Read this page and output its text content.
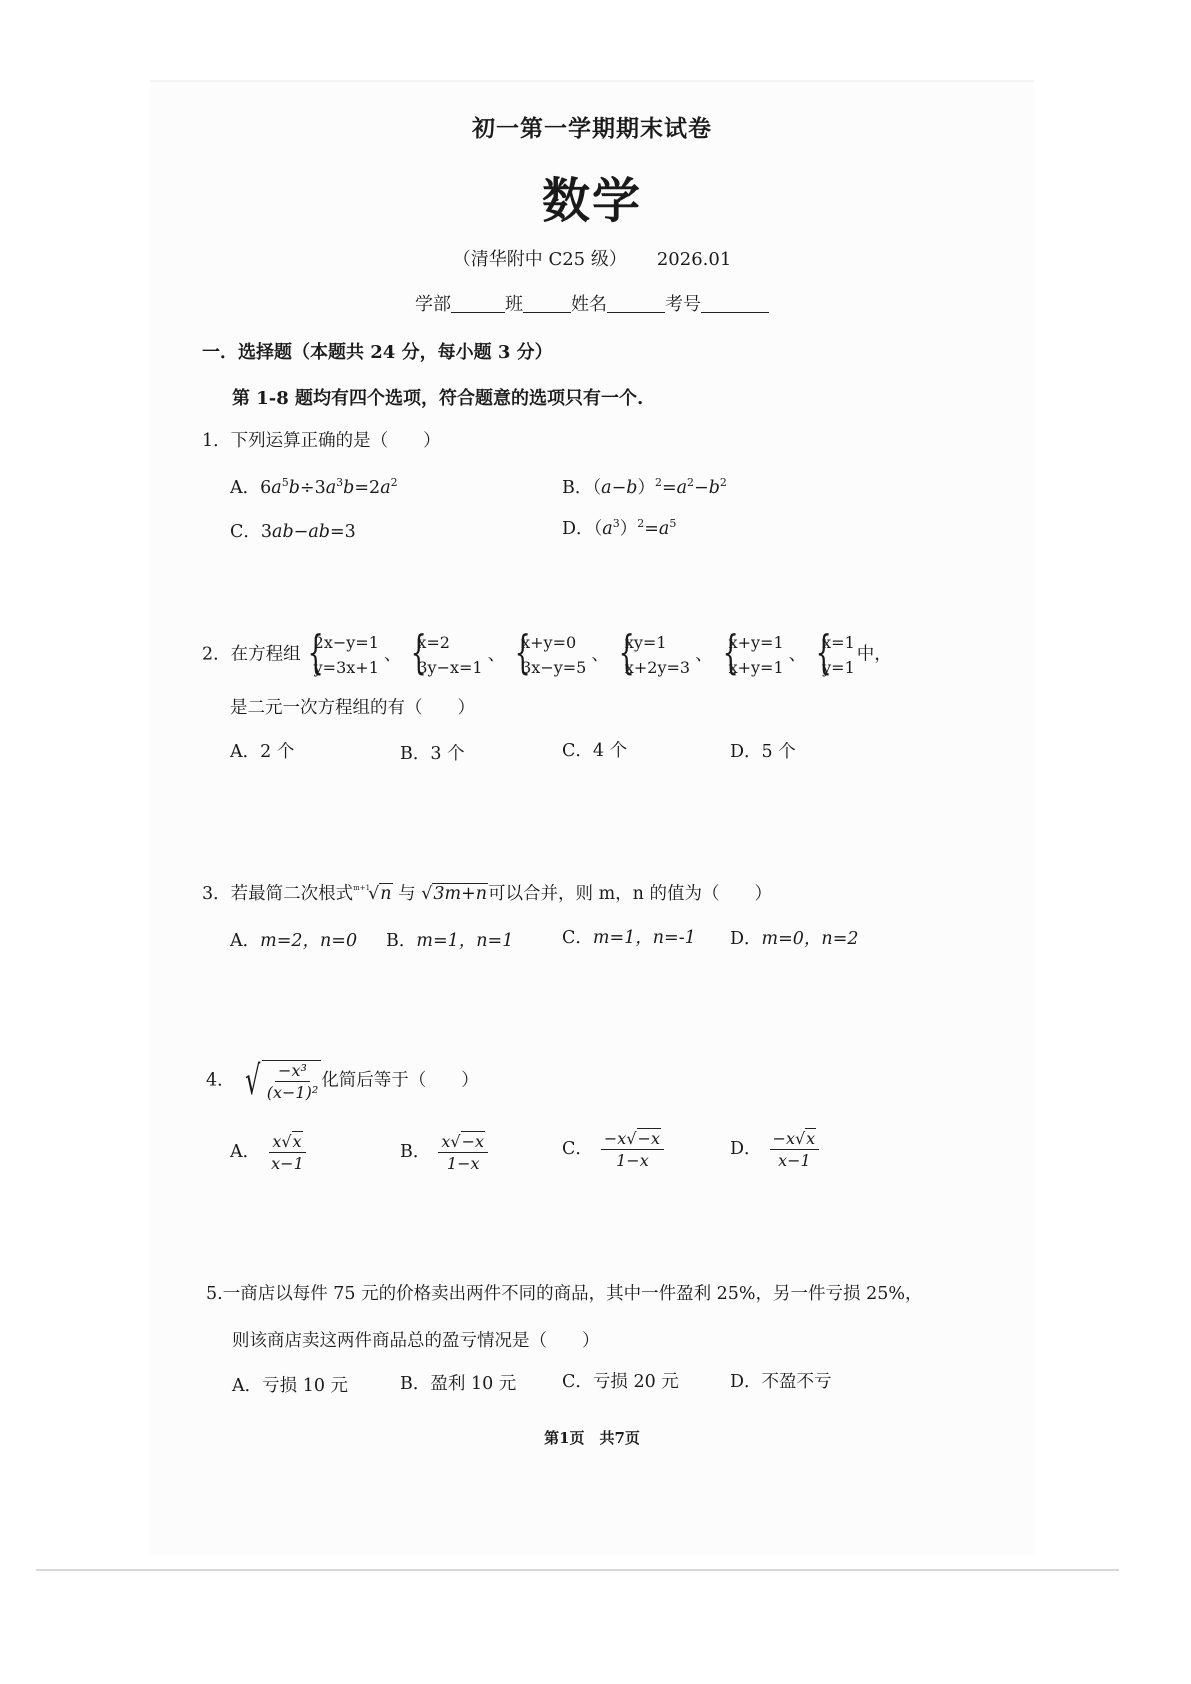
初一第一学期期末试卷
数学
（清华附中 C25 级） 2026.01
学部	班	姓名	考号
一．选择题（本题共 24 分，每小题 3 分）
第 1-8 题均有四个选项，符合题意的选项只有一个.
1．下列运算正确的是（　　）
A．$6a^5b\div 3a^3b=2a^2$	B．$(a-b)^2=a^2-b^2$
C．3ab−ab=3	D．$(a^3)^2=a^5$
2．在方程组
{ 2x−y=1
y=3x+1
、
{ x=2
3y−x=1
、
{ x+y=0
3x−y=5
、
{ xy=1
x+2y=3
、
{ x+y=1
x+y=1
、
{ x=1
y=1
中，
是二元一次方程组的有（　　）
A．2 个	B．3 个	C．4 个	D．5 个
3．若最简二次根式$^{m+1}$√n 与 √3m+n可以合并，则 m，n 的值为（　　）
A．m=2，n=0 B．m=1，n=1	C．m=1，n=-1 D．m=0，n=2
4． √ $\frac{\text{−x³}}{\text{(x−1)²}}$ 化简后等于（　　）
A． $\frac{x√x}{x-1}$	B． $\frac{x√-x}{1-x}$	C． $\frac{-x√-x}{1-x}$	D． $\frac{-x√x}{x-1}$
5.一商店以每件 75 元的价格卖出两件不同的商品，其中一件盈利 25%，另一件亏损 25%，
则该商店卖这两件商品总的盈亏情况是（　　）
A．亏损 10 元	B．盈利 10 元	C．亏损 20 元	D．不盈不亏
第1页　共7页
